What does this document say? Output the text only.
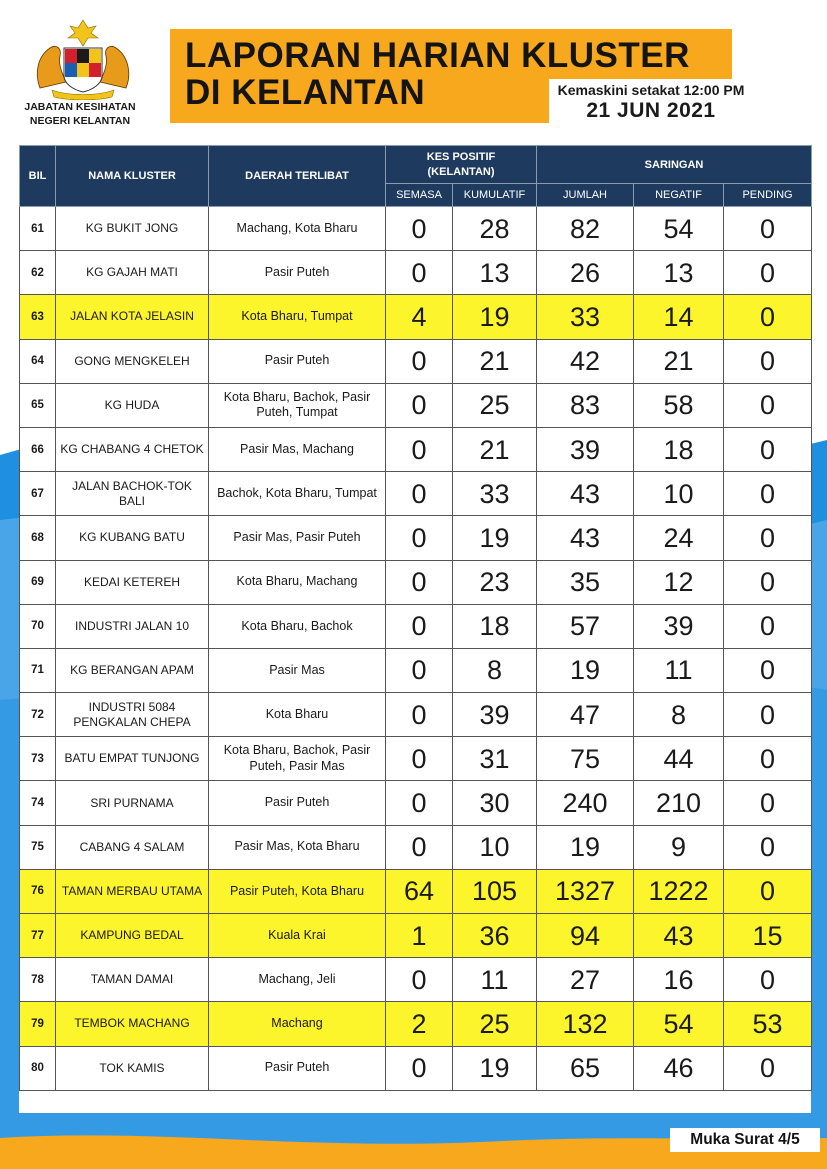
JABATAN KESIHATAN
NEGERI KELANTAN
LAPORAN HARIAN KLUSTER
DI KELANTAN	Kemaskini setakat 12:00 PM
21 JUN 2021
BIL	NAMA KLUSTER	DAERAH TERLIBAT	KES POSITIF (KELANTAN)		SARINGAN		
			SEMASA	KUMULATIF	JUMLAH	NEGATIF	PENDING
61	KG BUKIT JONG	Machang, Kota Bharu	0	28	82	54	0
62	KG GAJAH MATI	Pasir Puteh	0	13	26	13	0
63	JALAN KOTA JELASIN	Kota Bharu, Tumpat	4	19	33	14	0
64	GONG MENGKELEH	Pasir Puteh	0	21	42	21	0
65	KG HUDA	Kota Bharu, Bachok, Pasir Puteh, Tumpat	0	25	83	58	0
66	KG CHABANG 4 CHETOK	Pasir Mas, Machang	0	21	39	18	0
67	JALAN BACHOK-TOK BALI	Bachok, Kota Bharu, Tumpat	0	33	43	10	0
68	KG KUBANG BATU	Pasir Mas, Pasir Puteh	0	19	43	24	0
69	KEDAI KETEREH	Kota Bharu, Machang	0	23	35	12	0
70	INDUSTRI JALAN 10	Kota Bharu, Bachok	0	18	57	39	0
71	KG BERANGAN APAM	Pasir Mas	0	8	19	11	0
72	INDUSTRI 5084 PENGKALAN CHEPA	Kota Bharu	0	39	47	8	0
73	BATU EMPAT TUNJONG	Kota Bharu, Bachok, Pasir Puteh, Pasir Mas	0	31	75	44	0
74	SRI PURNAMA	Pasir Puteh	0	30	240	210	0
75	CABANG 4 SALAM	Pasir Mas, Kota Bharu	0	10	19	9	0
76	TAMAN MERBAU UTAMA	Pasir Puteh, Kota Bharu	64	105	1327	1222	0
77	KAMPUNG BEDAL	Kuala Krai	1	36	94	43	15
78	TAMAN DAMAI	Machang, Jeli	0	11	27	16	0
79	TEMBOK MACHANG	Machang	2	25	132	54	53
80	TOK KAMIS	Pasir Puteh	0	19	65	46	0
Muka Surat 4/5
